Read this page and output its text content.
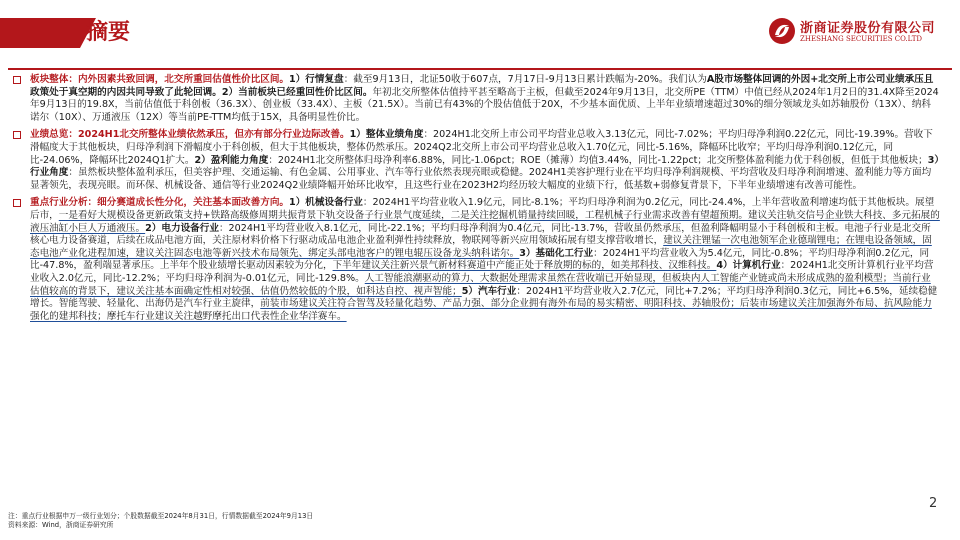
摘要	浙商证券股份有限公司
ZHESHANG SECURITIES CO.LTD
板块整体：内外因素共致回调，北交所重回估值性价比区间。1）行情复盘：截至9月13日，北证50收于607点，7月17日-9月13日累计跌幅为-20%。我们认为A股市场整体回调的外因+北交所上市公司业绩承压且政策处于真空期的内因共同导致了此轮回调。2）当前板块已经重回性价比区间。年初北交所整体估值持平甚至略高于主板，但截至2024年9月13日，北交所PE（TTM）中值已经从2024年1月2日的31.4X降至2024年9月13日的19.8X，当前估值低于科创板（36.3X）、创业板（33.4X）、主板（21.5X）。当前已有43%的个股估值低于20X，不少基本面优质、上半年业绩增速超过30%的细分领域龙头如苏轴股份（13X）、纳科诺尔（10X）、万通液压（12X）等当前PE-TTM均低于15X，具备明显性价比。
业绩总览：2024H1北交所整体业绩依然承压，但亦有部分行业边际改善。1）整体业绩角度：2024H1北交所上市公司平均营业总收入3.13亿元，同比-7.02%；平均归母净利润0.22亿元，同比-19.39%。营收下滑幅度大于其他板块，归母净利润下滑幅度小于科创板，但大于其他板块，整体仍然承压。2024Q2北交所上市公司平均营业总收入1.70亿元，同比-5.16%，降幅环比收窄；平均归母净利润0.12亿元，同比-24.06%，降幅环比2024Q1扩大。2）盈利能力角度：2024H1北交所整体归母净利率6.88%，同比-1.06pct；ROE（摊薄）均值3.44%，同比-1.22pct；北交所整体盈利能力优于科创板，但低于其他板块；3）行业角度：虽然板块整体盈利承压，但美容护理、交通运输、有色金属、公用事业、汽车等行业依然表现亮眼或稳健。2024H1美容护理行业在平均归母净利润规模、平均营收及归母净利润增速、盈利能力等方面均显著领先，表现亮眼。而环保、机械设备、通信等行业2024Q2业绩降幅开始环比收窄，且这些行业在2023H2均经历较大幅度的业绩下行，低基数+弱修复背景下，下半年业绩增速有改善可能性。
重点行业分析：细分赛道成长性分化，关注基本面改善方向。1）机械设备行业：2024H1平均营业收入1.9亿元，同比-8.1%；平均归母净利润为0.2亿元，同比-24.4%，上半年营收盈利增速均低于其他板块。展望后市，一是看好大规模设备更新政策支持+铁路高级修周期共振背景下轨交设备子行业景气度延续，二是关注挖掘机销量持续回暖，工程机械子行业需求改善有望超预期。建议关注轨交信号企业铁大科技、多元拓展的液压油缸小巨人万通液压。2）电力设备行业：2024H1平均营业收入8.1亿元，同比-22.1%；平均归母净利润为0.4亿元，同比-13.7%，营收虽仍然承压，但盈利降幅明显小于科创板和主板。电池子行业是北交所核心电力设备赛道，后续在成品电池方面，关注原材料价格下行驱动成品电池企业盈利弹性持续释放，物联网等新兴应用领域拓展有望支撑营收增长，建议关注锂锰一次电池领军企业德瑞锂电；在锂电设备领域，固态电池产业化进程加速，建议关注固态电池等新兴技术布局领先、绑定头部电池客户的锂电辊压设备龙头纳科诺尔。3）基础化工行业：2024H1平均营业收入为5.4亿元，同比-0.8%；平均归母净利润0.2亿元，同比-47.8%，盈利端显著承压。上半年个股业绩增长驱动因素较为分化，下半年建议关注新兴景气新材料赛道中产能正处于释放期的标的，如美邦科技、汉维科技。4）计算机行业：2024H1北交所计算机行业平均营业收入2.0亿元，同比-12.2%；平均归母净利润为-0.01亿元，同比-129.8%。人工智能浪潮驱动的算力、大数据处理需求虽然在营收端已开始显现，但板块内人工智能产业链或尚未形成成熟的盈利模型；当前行业估值较高的背景下，建议关注基本面确定性相对较强、估值仍然较低的个股，如科达自控、视声智能；5）汽车行业：2024H1平均营业收入2.7亿元，同比+7.2%；平均归母净利润0.3亿元，同比+6.5%，延续稳健增长。智能驾驶、轻量化、出海仍是汽车行业主旋律，前装市场建议关注符合智驾及轻量化趋势、产品力强、部分企业拥有海外布局的易实精密、明阳科技、苏轴股份；后装市场建议关注加强海外布局、抗风险能力强化的建邦科技；摩托车行业建议关注越野摩托出口代表性企业华洋赛车。
2
注：重点行业根据申万一级行业划分；个股数据截至2024年8月31日，行情数据截至2024年9月13日
资料来源：Wind，浙商证券研究所
